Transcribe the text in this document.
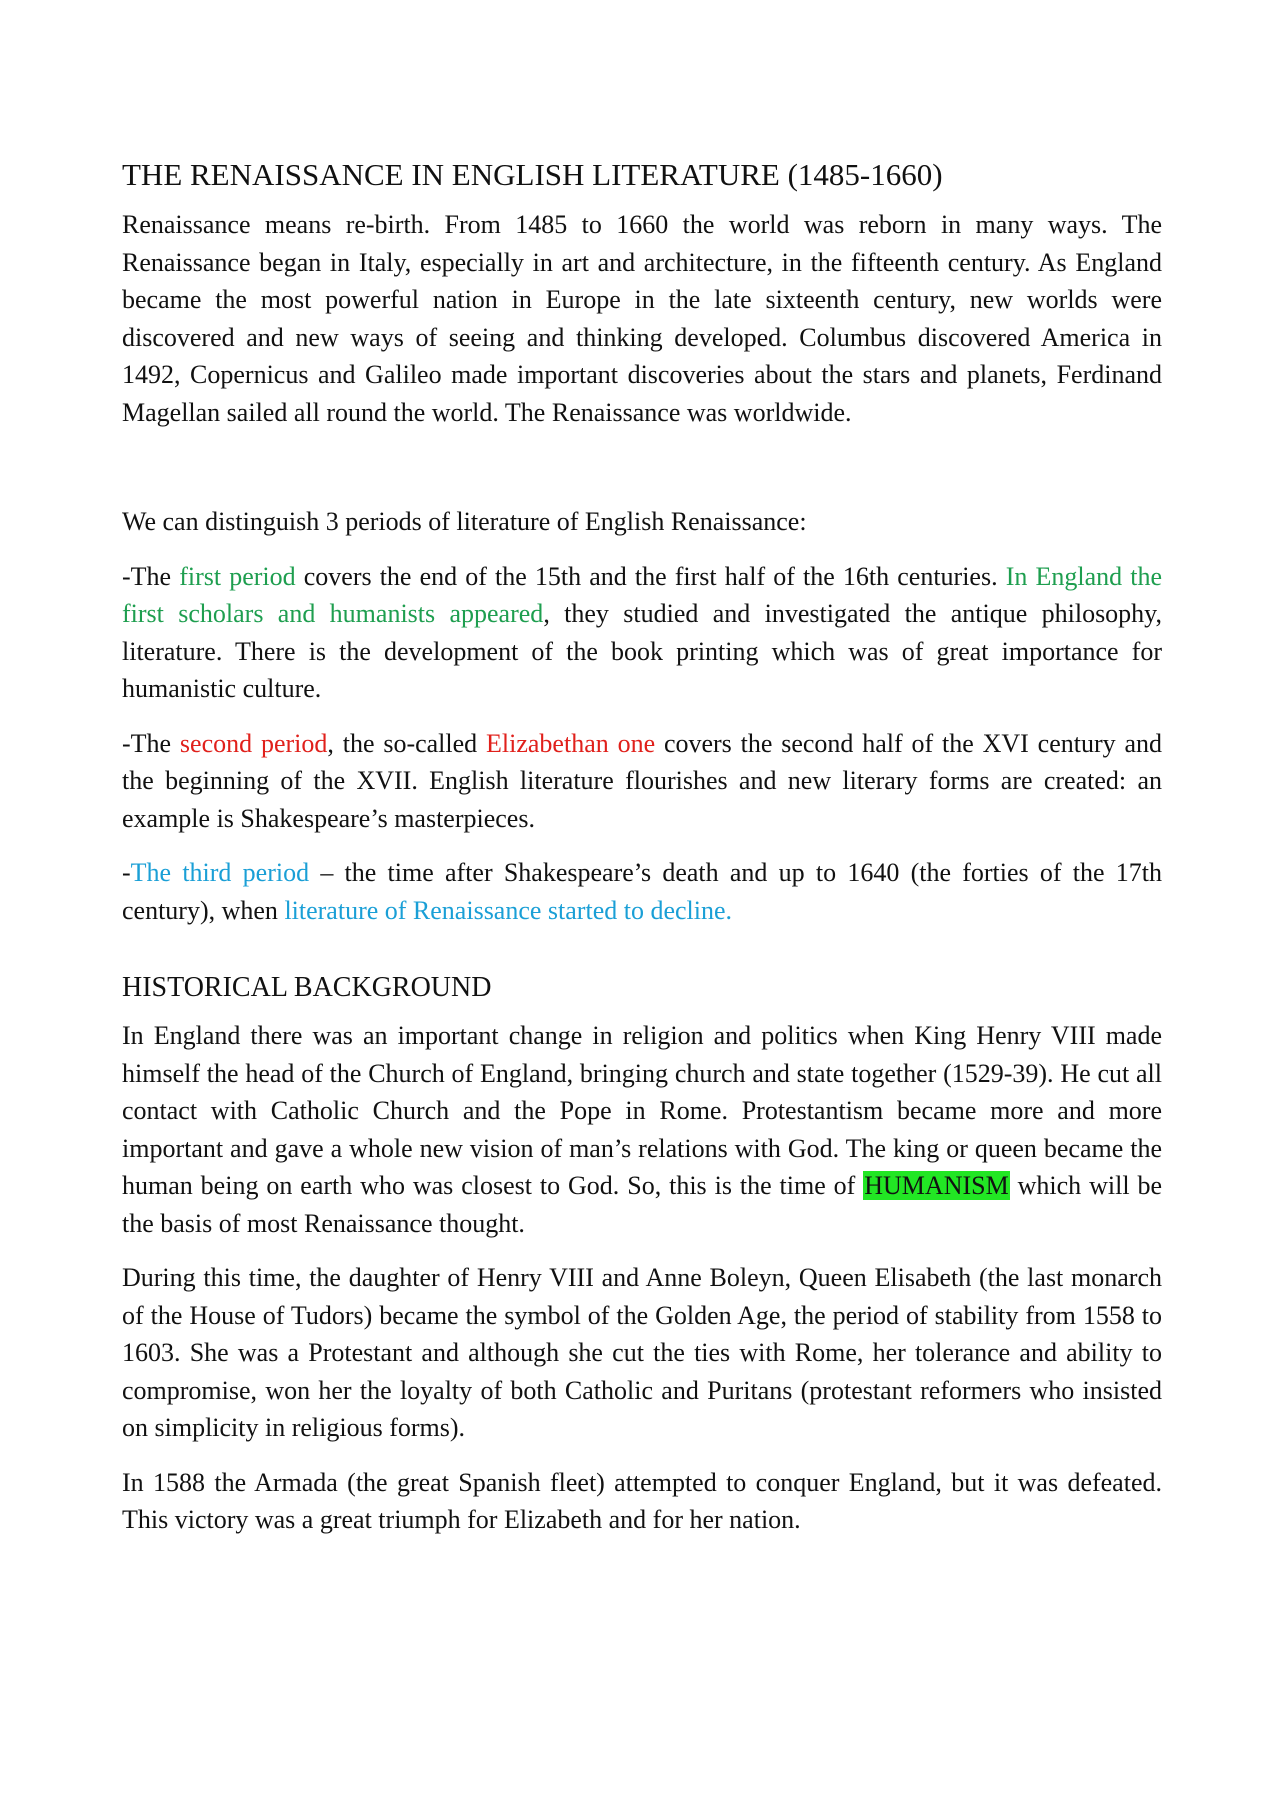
THE RENAISSANCE IN ENGLISH LITERATURE (1485-1660)

Renaissance means re-birth. From 1485 to 1660 the world was reborn in many ways. The Renaissance began in Italy, especially in art and architecture, in the fifteenth century. As England became the most powerful nation in Europe in the late sixteenth century, new worlds were discovered and new ways of seeing and thinking developed. Columbus discovered America in 1492, Copernicus and Galileo made important discoveries about the stars and planets, Ferdinand Magellan sailed all round the world. The Renaissance was worldwide.

We can distinguish 3 periods of literature of English Renaissance:

-The first period covers the end of the 15th and the first half of the 16th centuries. In England the first scholars and humanists appeared, they studied and investigated the antique philosophy, literature. There is the development of the book printing which was of great importance for humanistic culture.

-The second period, the so-called Elizabethan one covers the second half of the XVI century and the beginning of the XVII. English literature flourishes and new literary forms are created: an example is Shakespeare’s masterpieces.

-The third period – the time after Shakespeare’s death and up to 1640 (the forties of the 17th century), when literature of Renaissance started to decline.

HISTORICAL BACKGROUND

In England there was an important change in religion and politics when King Henry VIII made himself the head of the Church of England, bringing church and state together (1529-39). He cut all contact with Catholic Church and the Pope in Rome. Protestantism became more and more important and gave a whole new vision of man’s relations with God. The king or queen became the human being on earth who was closest to God. So, this is the time of HUMANISM which will be the basis of most Renaissance thought.

During this time, the daughter of Henry VIII and Anne Boleyn, Queen Elisabeth (the last monarch of the House of Tudors) became the symbol of the Golden Age, the period of stability from 1558 to 1603. She was a Protestant and although she cut the ties with Rome, her tolerance and ability to compromise, won her the loyalty of both Catholic and Puritans (protestant reformers who insisted on simplicity in religious forms).

In 1588 the Armada (the great Spanish fleet) attempted to conquer England, but it was defeated. This victory was a great triumph for Elizabeth and for her nation.
